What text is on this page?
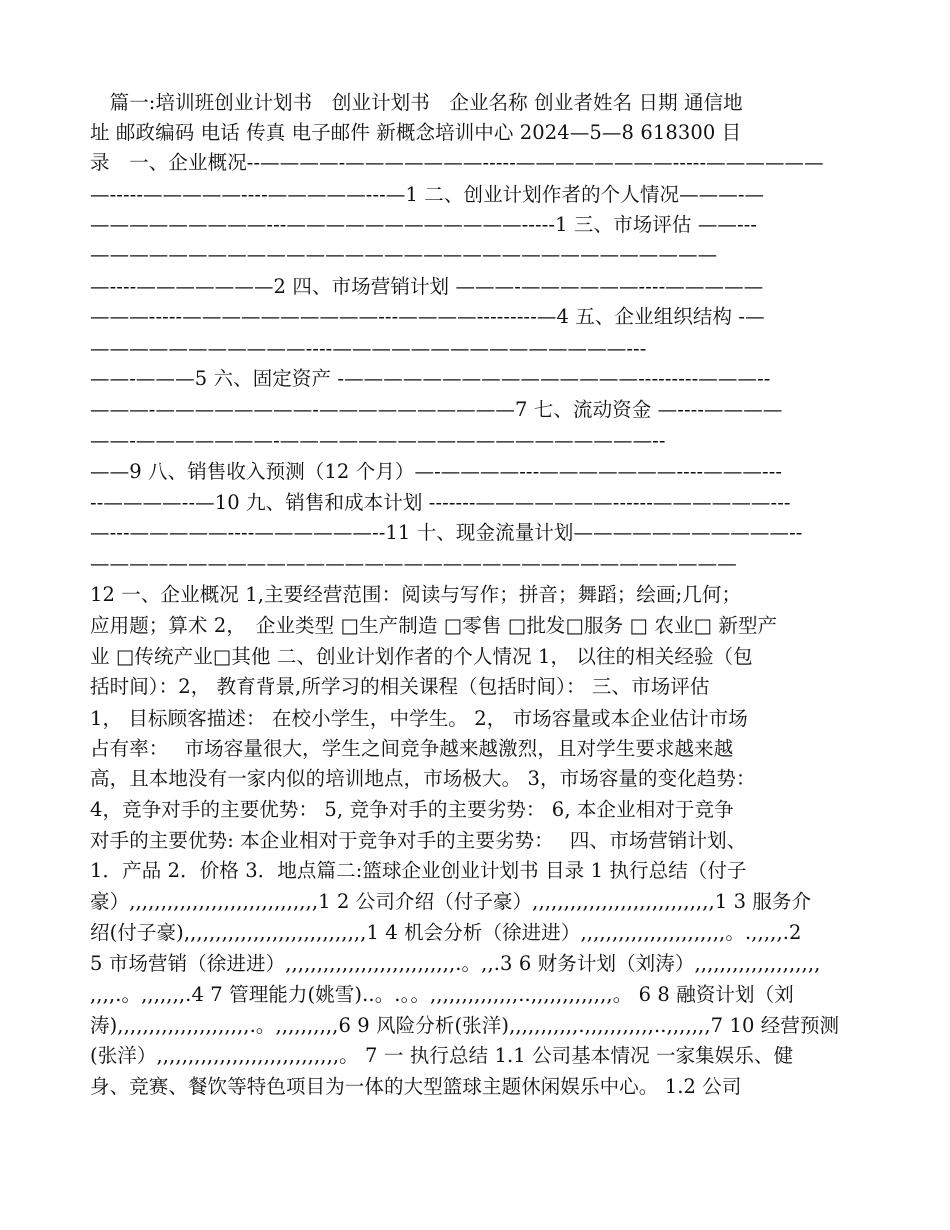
　篇一:培训班创业计划书　创业计划书　企业名称 创业者姓名 日期 通信地
址 邮政编码 电话 传真 电子邮件 新概念培训中心 2024—5—8 618300 目
录　一、企业概况--————-———————-----————————-----——————
—-----—————----—————---—1 二、创业计划作者的个人情况———-—
—————————---————————————-----1 三、市场评估 ——---
————————————————————————————————
—----———————2 四、市场营销计划 ———-——————----—————
———-----——————————---————---------—4 五、企业组织结构 -—
———————————----———————————————---
——-———5 六、固定资产 -———————————————---------———--
———-————————-——————————7 七、流动资金 —----————
——-———————-———————————————————--
——9 八、销售收入预测（12 个月）—-————---———————----———---
--————--—10 九、销售和成本计划 -------———————------——————---
—---—————----——————--11 十、现金流量计划———————————--
—————————————————————————————————
12 一、企业概况 1,主要经营范围：阅读与写作；拼音；舞蹈；绘画;几何；
应用题；算术 2，　企业类型 □生产制造 □零售 □批发□服务 □ 农业□ 新型产
业 □传统产业□其他 二、创业计划作者的个人情况 1， 以往的相关经验（包
括时间）：2， 教育背景,所学习的相关课程（包括时间）： 三、市场评估
1， 目标顾客描述： 在校小学生，中学生。 2， 市场容量或本企业估计市场
占有率：　 市场容量很大，学生之间竞争越来越激烈，且对学生要求越来越
高，且本地没有一家内似的培训地点，市场极大。 3，市场容量的变化趋势：
4，竞争对手的主要优势： 5, 竞争对手的主要劣势： 6, 本企业相对于竞争
对手的主要优势: 本企业相对于竞争对手的主要劣势：　 四、市场营销计划、
1．产品 2．价格 3．地点篇二:篮球企业创业计划书 目录 1 执行总结（付子
豪）,,,,,,,,,,,,,,,,,,,,,,,,,,,,,,1 2 公司介绍（付子豪）,,,,,,,,,,,,,,,,,,,,,,,,,,,,,1 3 服务介
绍(付子豪),,,,,,,,,,,,,,,,,,,,,,,,,,,,,1 4 机会分析（徐进进）,,,,,,,,,,,,,,,,,,,,,,,。.,,,,,.2
5 市场营销（徐进进）,,,,,,,,,,,,,,,,,,,,,,,,,,,.。,,.3 6 财务计划（刘涛）,,,,,,,,,,,,,,,,,,,,
,,,,.。,,,,,,,.4 7 管理能力(姚雪)..。.。。,,,,,,,,,,,,,,..,,,,,,,,,,,,,。 6 8 融资计划（刘
涛),,,,,,,,,,,,,,,,,,,,,.。,,,,,,,,,,6 9 风险分析(张洋),,,,,,,,,,,.,,,,,,,,,,,..,,,,,,,7 10 经营预测
(张洋）,,,,,,,,,,,,,,,,,,,,,,,,,,,,,。 7 一 执行总结 1.1 公司基本情况 一家集娱乐、健
身、竞赛、餐饮等特色项目为一体的大型篮球主题休闲娱乐中心。 1.2 公司
